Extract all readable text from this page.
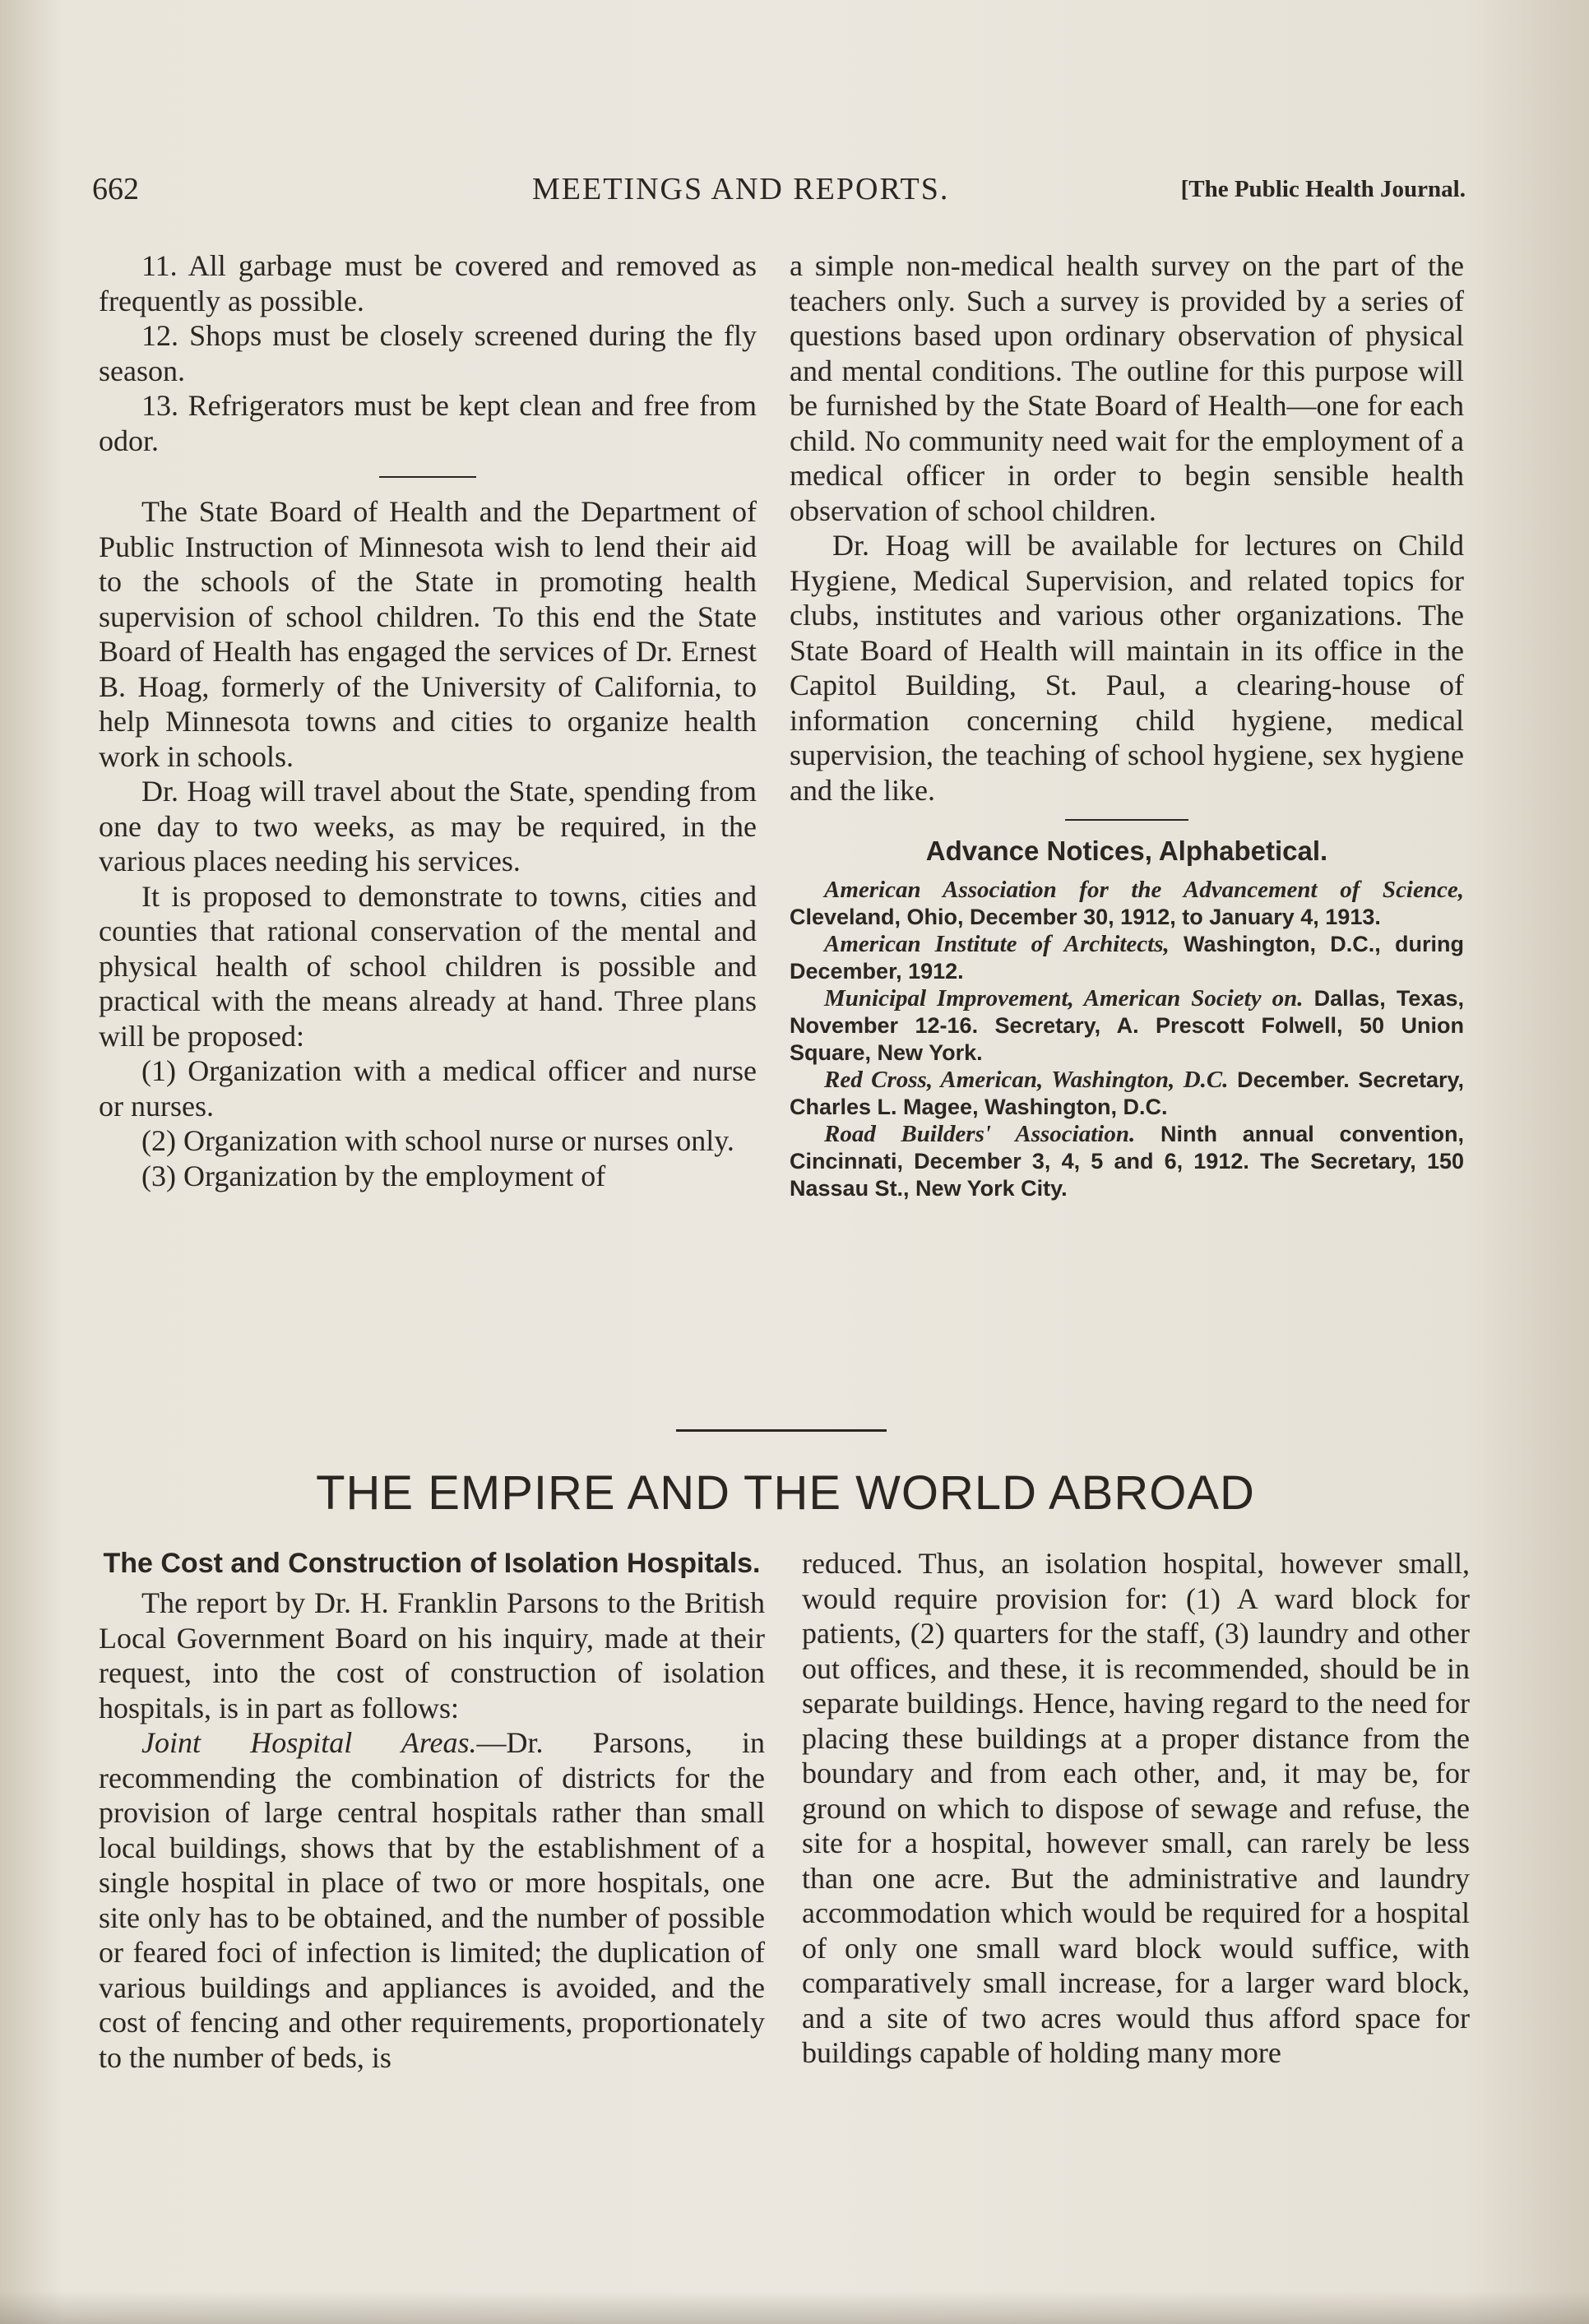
662	MEETINGS AND REPORTS.	[The Public Health Journal.

11. All garbage must be covered and removed as frequently as possible.

12. Shops must be closely screened during the fly season.

13. Refrigerators must be kept clean and free from odor.

The State Board of Health and the Department of Public Instruction of Minnesota wish to lend their aid to the schools of the State in promoting health supervision of school children. To this end the State Board of Health has engaged the services of Dr. Ernest B. Hoag, formerly of the University of California, to help Minnesota towns and cities to organize health work in schools.

Dr. Hoag will travel about the State, spending from one day to two weeks, as may be required, in the various places needing his services.

It is proposed to demonstrate to towns, cities and counties that rational conservation of the mental and physical health of school children is possible and practical with the means already at hand. Three plans will be proposed:

(1) Organization with a medical officer and nurse or nurses.

(2) Organization with school nurse or nurses only.

(3) Organization by the employment of

a simple non-medical health survey on the part of the teachers only. Such a survey is provided by a series of questions based upon ordinary observation of physical and mental conditions. The outline for this purpose will be furnished by the State Board of Health—one for each child. No community need wait for the employment of a medical officer in order to begin sensible health observation of school children.

Dr. Hoag will be available for lectures on Child Hygiene, Medical Supervision, and related topics for clubs, institutes and various other organizations. The State Board of Health will maintain in its office in the Capitol Building, St. Paul, a clearing-house of information concerning child hygiene, medical supervision, the teaching of school hygiene, sex hygiene and the like.

Advance Notices, Alphabetical.

American Association for the Advancement of Science, Cleveland, Ohio, December 30, 1912, to January 4, 1913.

American Institute of Architects, Washington, D.C., during December, 1912.

Municipal Improvement, American Society on. Dallas, Texas, November 12-16. Secretary, A. Prescott Folwell, 50 Union Square, New York.

Red Cross, American, Washington, D.C. December. Secretary, Charles L. Magee, Washington, D.C.

Road Builders' Association. Ninth annual convention, Cincinnati, December 3, 4, 5 and 6, 1912. The Secretary, 150 Nassau St., New York City.

THE EMPIRE AND THE WORLD ABROAD
The Cost and Construction of Isolation Hospitals.

The report by Dr. H. Franklin Parsons to the British Local Government Board on his inquiry, made at their request, into the cost of construction of isolation hospitals, is in part as follows:

Joint Hospital Areas.—Dr. Parsons, in recommending the combination of districts for the provision of large central hospitals rather than small local buildings, shows that by the establishment of a single hospital in place of two or more hospitals, one site only has to be obtained, and the number of possible or feared foci of infection is limited; the duplication of various buildings and appliances is avoided, and the cost of fencing and other requirements, proportionately to the number of beds, is

reduced. Thus, an isolation hospital, however small, would require provision for: (1) A ward block for patients, (2) quarters for the staff, (3) laundry and other out offices, and these, it is recommended, should be in separate buildings. Hence, having regard to the need for placing these buildings at a proper distance from the boundary and from each other, and, it may be, for ground on which to dispose of sewage and refuse, the site for a hospital, however small, can rarely be less than one acre. But the administrative and laundry accommodation which would be required for a hospital of only one small ward block would suffice, with comparatively small increase, for a larger ward block, and a site of two acres would thus afford space for buildings capable of holding many more
